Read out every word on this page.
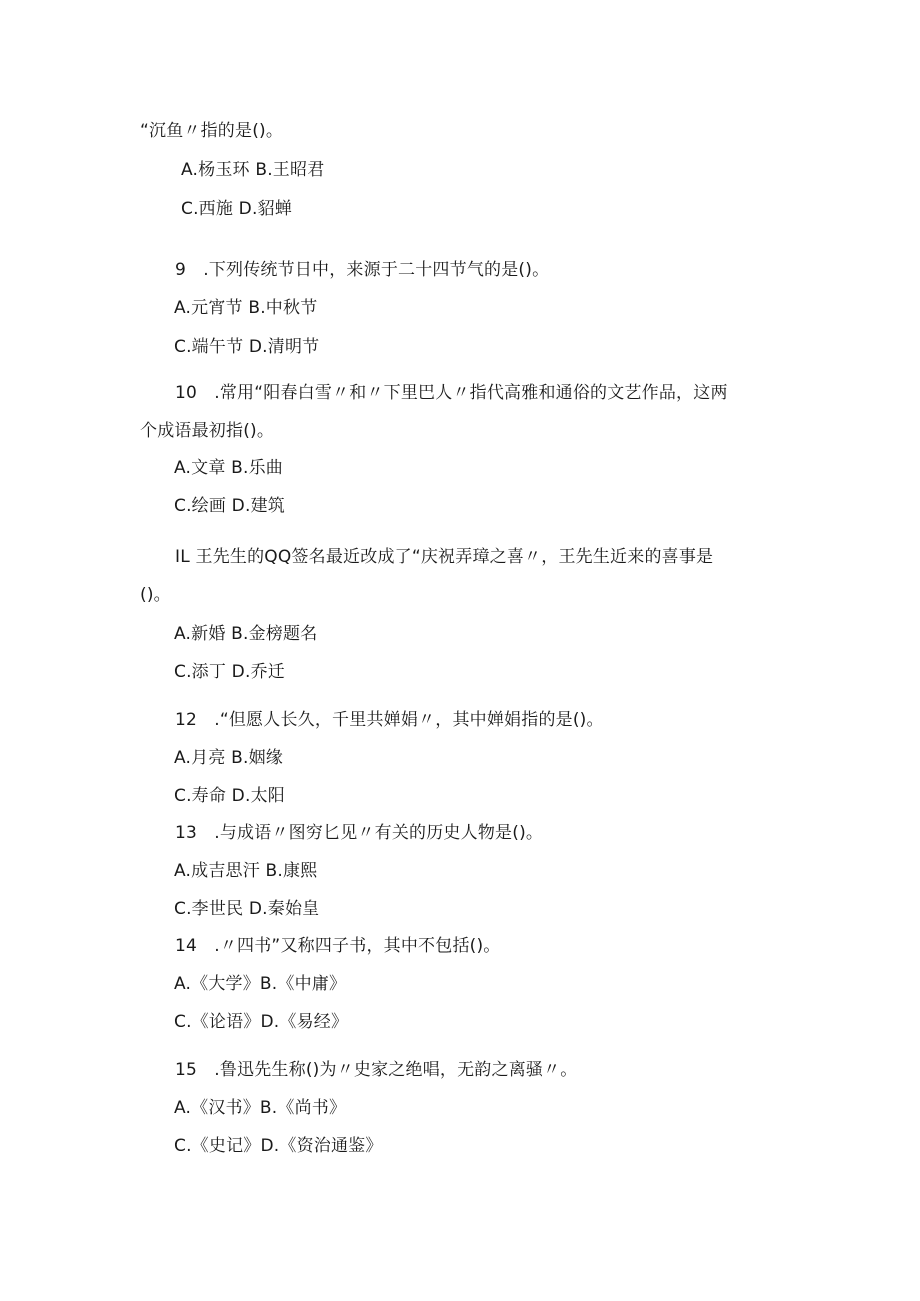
“沉鱼〃指的是()。
A.杨玉环 B.王昭君
C.西施 D.貂蝉
9　.下列传统节日中，来源于二十四节气的是()。
A.元宵节 B.中秋节
C.端午节 D.清明节
10　.常用“阳春白雪〃和〃下里巴人〃指代高雅和通俗的文艺作品，这两
个成语最初指()。
A.文章 B.乐曲
C.绘画 D.建筑
IL 王先生的QQ签名最近改成了“庆祝弄璋之喜〃，王先生近来的喜事是
()。
A.新婚 B.金榜题名
C.添丁 D.乔迁
12　.“但愿人长久，千里共婵娟〃，其中婵娟指的是()。
A.月亮 B.姻缘
C.寿命 D.太阳
13　.与成语〃图穷匕见〃有关的历史人物是()。
A.成吉思汗 B.康熙
C.李世民 D.秦始皇
14　.〃四书”又称四子书，其中不包括()。
A.《大学》B.《中庸》
C.《论语》D.《易经》
15　.鲁迅先生称()为〃史家之绝唱，无韵之离骚〃。
A.《汉书》B.《尚书》
C.《史记》D.《资治通鉴》
